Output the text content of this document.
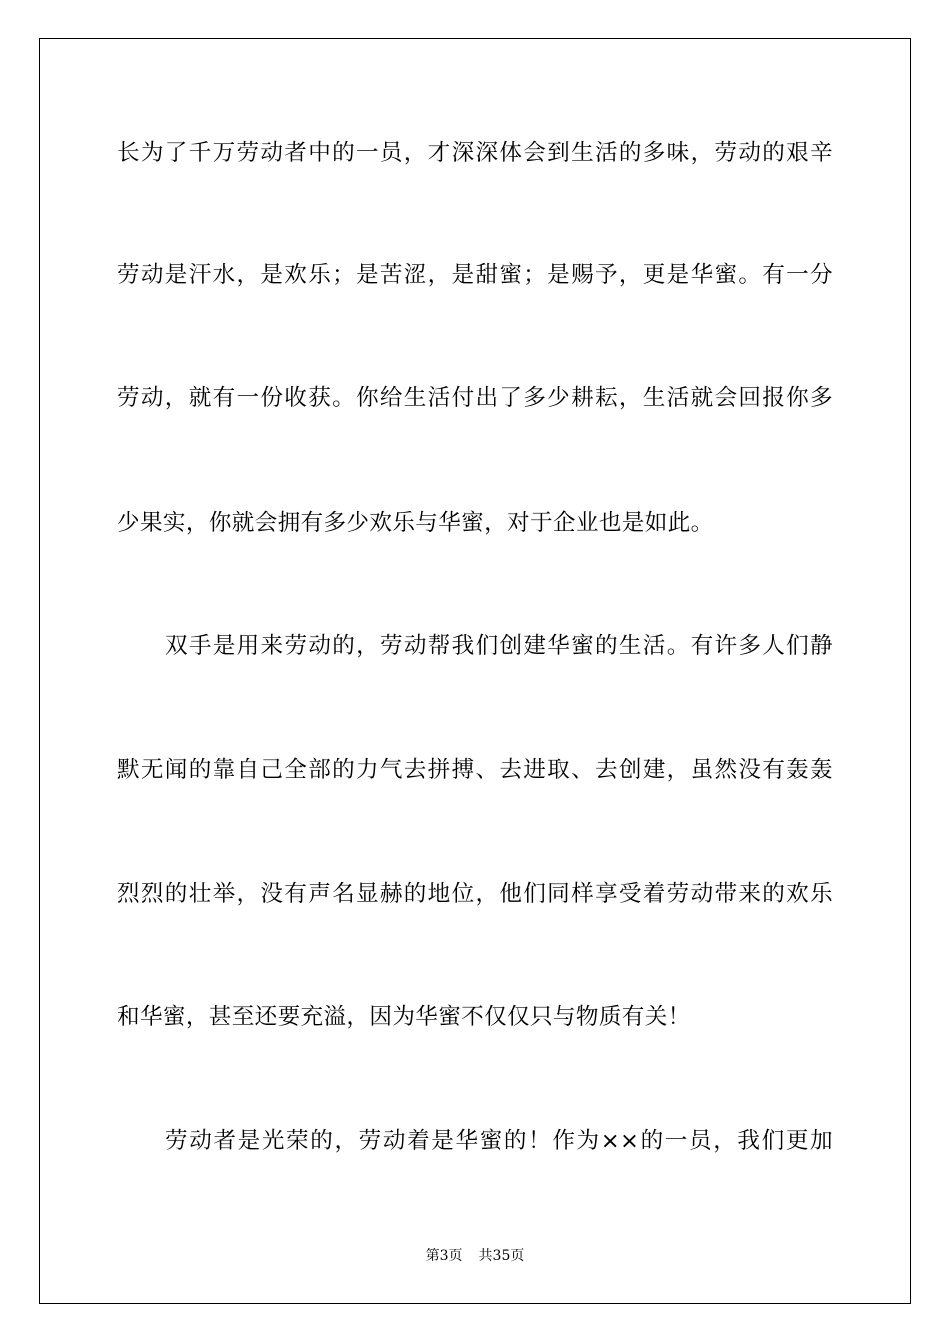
长为了千万劳动者中的一员，才深深体会到生活的多味，劳动的艰辛
劳动是汗水，是欢乐；是苦涩，是甜蜜；是赐予，更是华蜜。有一分
劳动，就有一份收获。你给生活付出了多少耕耘，生活就会回报你多
少果实，你就会拥有多少欢乐与华蜜，对于企业也是如此。
双手是用来劳动的，劳动帮我们创建华蜜的生活。有许多人们静
默无闻的靠自己全部的力气去拼搏、去进取、去创建，虽然没有轰轰
烈烈的壮举，没有声名显赫的地位，他们同样享受着劳动带来的欢乐
和华蜜，甚至还要充溢，因为华蜜不仅仅只与物质有关！
劳动者是光荣的，劳动着是华蜜的！作为××的一员，我们更加
第3页 共35页
